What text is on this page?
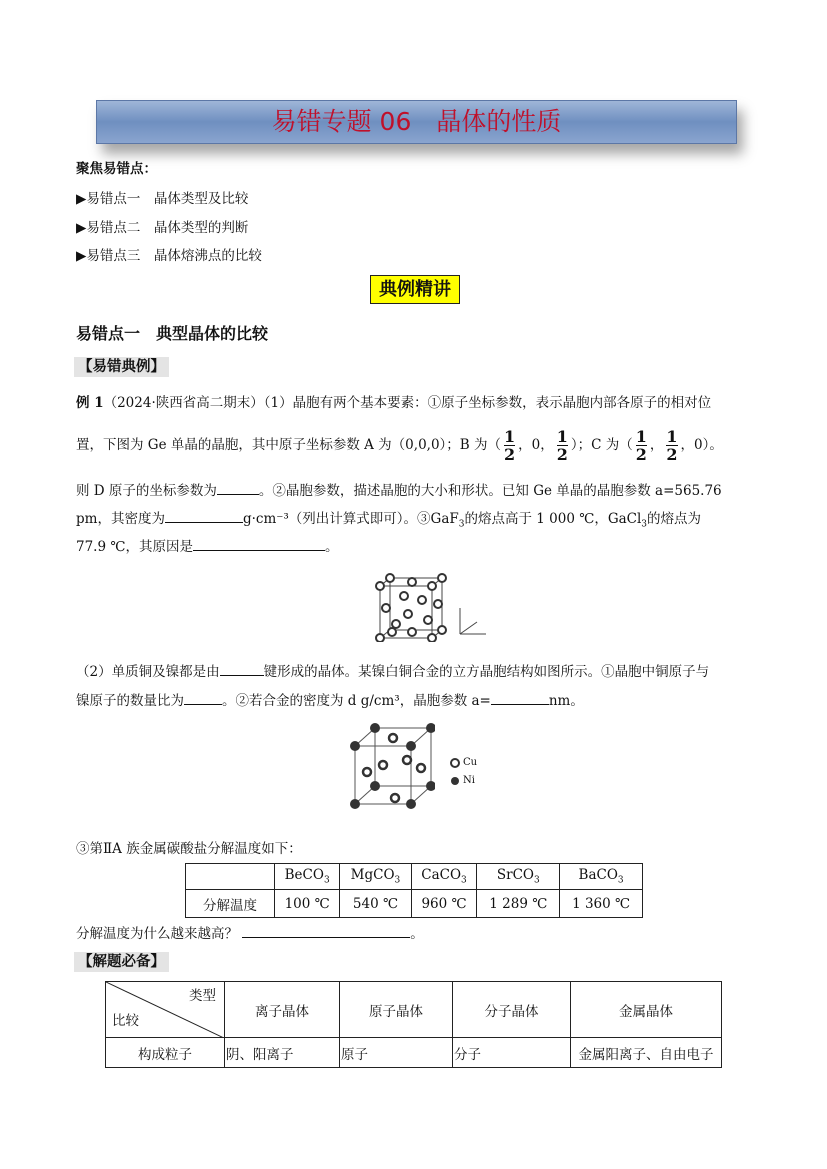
易错专题 06　晶体的性质
聚焦易错点：
▶易错点一　晶体类型及比较
▶易错点二　晶体类型的判断
▶易错点三　晶体熔沸点的比较
典例精讲
易错点一　典型晶体的比较
【易错典例】
例 1（2024·陕西省高二期末）（1）晶胞有两个基本要素：①原子坐标参数，表示晶胞内部各原子的相对位
置，下图为 Ge 单晶的晶胞，其中原子坐标参数 A 为（0,0,0）；B 为（ $\frac{1}{2}$ ，0， $\frac{1}{2}$ ）；C 为（ $\frac{1}{2}$ ， $\frac{1}{2}$ ，0）。
则 D 原子的坐标参数为	。②晶胞参数，描述晶胞的大小和形状。已知 Ge 单晶的晶胞参数 a=565.76
pm，其密度为	g·cm⁻³（列出计算式即可）。③GaF$_3$的熔点高于 1 000 ℃，GaCl$_3$的熔点为
77.9 ℃，其原因是	。
（2）单质铜及镍都是由	键形成的晶体。某镍白铜合金的立方晶胞结构如图所示。①晶胞中铜原子与
镍原子的数量比为	。②若合金的密度为 d g/cm³，晶胞参数 a=	nm。
Cu
Ni
③第ⅡA 族金属碳酸盐分解温度如下：
	BeCO$_3$	MgCO$_3$	CaCO$_3$	SrCO$_3$	BaCO$_3$
分解温度	100 ℃	540 ℃	960 ℃	1 289 ℃	1 360 ℃
分解温度为什么越来越高？	。
【解题必备】
类型
比较	离子晶体	原子晶体	分子晶体	金属晶体
构成粒子	阴、阳离子	原子	分子	金属阳离子、自由电子
